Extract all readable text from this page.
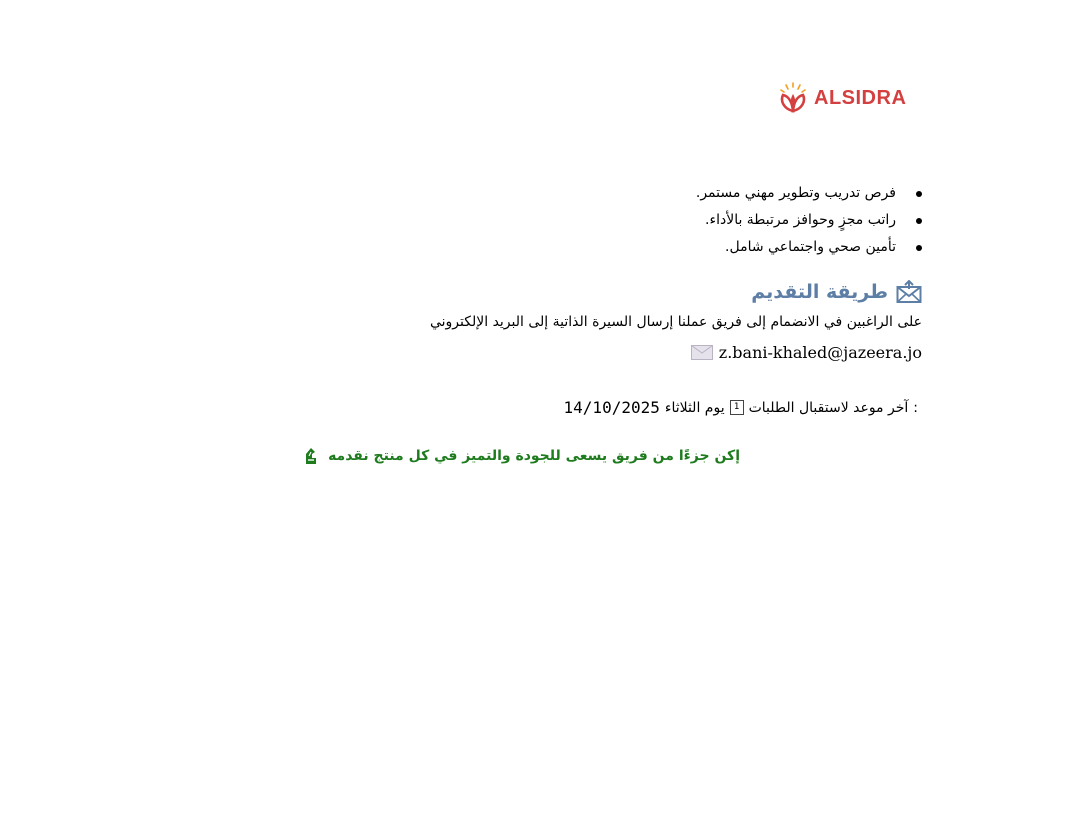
ALSIDRA
فرص تدريب وتطوير مهني مستمر.
راتب مجزٍ وحوافز مرتبطة بالأداء.
تأمين صحي واجتماعي شامل.
طريقة التقديم
على الراغبين في الانضمام إلى فريق عملنا إرسال السيرة الذاتية إلى البريد الإلكتروني
z.bani-khaled@jazeera.jo
آخر موعد لاستقبال الطلبات
1
يوم الثلاثاء
14/10/2025	:
إكن جزءًا من فريق يسعى للجودة والتميز في كل منتج نقدمه
